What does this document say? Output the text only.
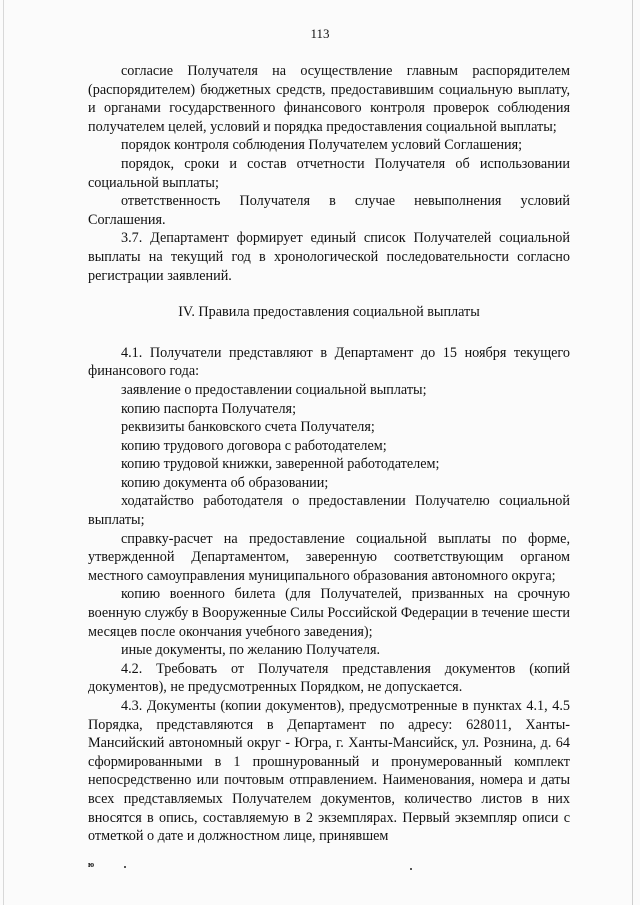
113

согласие Получателя на осуществление главным распорядителем (распорядителем) бюджетных средств, предоставившим социальную выплату, и органами государственного финансового контроля проверок соблюдения получателем целей, условий и порядка предоставления социальной выплаты;

порядок контроля соблюдения Получателем условий Соглашения;

порядок, сроки и состав отчетности Получателя об использовании социальной выплаты;

ответственность Получателя в случае невыполнения условий Соглашения.

3.7. Департамент формирует единый список Получателей социальной выплаты на текущий год в хронологической последовательности согласно регистрации заявлений.

IV. Правила предоставления социальной выплаты

4.1. Получатели представляют в Департамент до 15 ноября текущего финансового года:

заявление о предоставлении социальной выплаты;

копию паспорта Получателя;

реквизиты банковского счета Получателя;

копию трудового договора с работодателем;

копию трудовой книжки, заверенной работодателем;

копию документа об образовании;

ходатайство работодателя о предоставлении Получателю социальной выплаты;

справку-расчет на предоставление социальной выплаты по форме, утвержденной Департаментом, заверенную соответствующим органом местного самоуправления муниципального образования автономного округа;

копию военного билета (для Получателей, призванных на срочную военную службу в Вооруженные Силы Российской Федерации в течение шести месяцев после окончания учебного заведения);

иные документы, по желанию Получателя.

4.2. Требовать от Получателя представления документов (копий документов), не предусмотренных Порядком, не допускается.

4.3. Документы (копии документов), предусмотренные в пунктах 4.1, 4.5 Порядка, представляются в Департамент по адресу: 628011, Ханты-Мансийский автономный округ - Югра, г. Ханты-Мансийск, ул. Рознина, д. 64 сформированными в 1 прошнурованный и пронумерованный комплект непосредственно или почтовым отправлением. Наименования, номера и даты всех представляемых Получателем документов, количество листов в них вносятся в опись, составляемую в 2 экземплярах. Первый экземпляр описи с отметкой о дате и должностном лице, принявшем

ю
